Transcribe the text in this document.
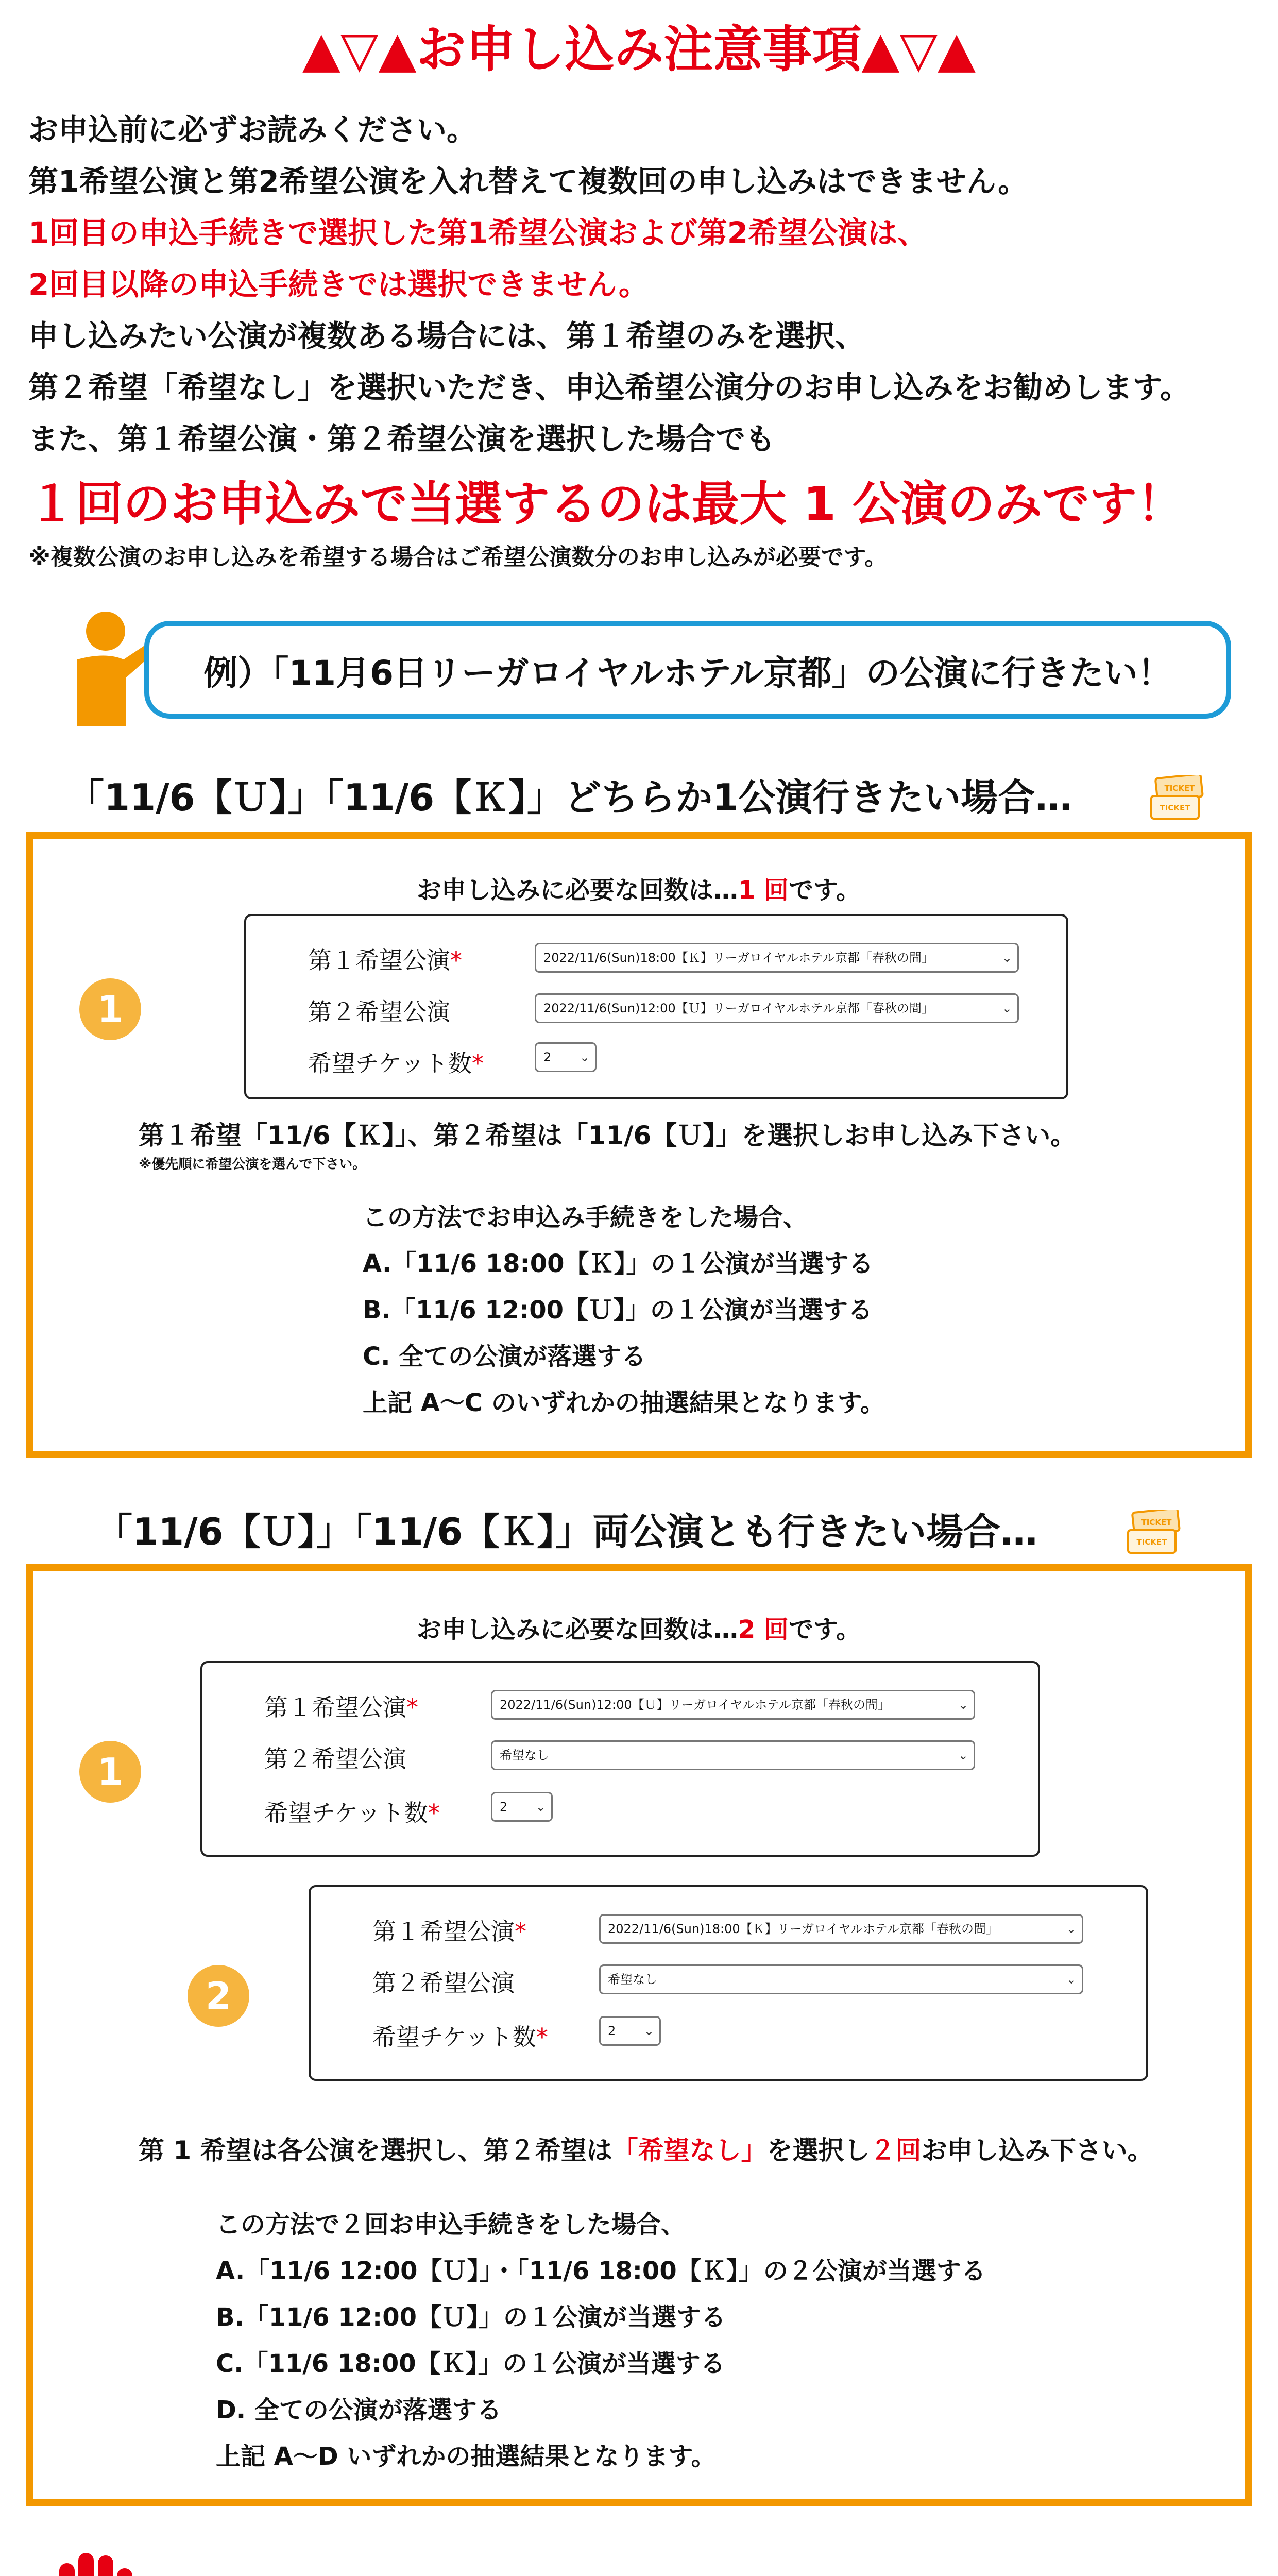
▲▽▲お申し込み注意事項▲▽▲
お申込前に必ずお読みください。
第1希望公演と第2希望公演を入れ替えて複数回の申し込みはできません。
1回目の申込手続きで選択した第1希望公演および第2希望公演は、
2回目以降の申込手続きでは選択できません。
申し込みたい公演が複数ある場合には、第１希望のみを選択、
第２希望「希望なし」を選択いただき、申込希望公演分のお申し込みをお勧めします。
また、第１希望公演・第２希望公演を選択した場合でも
１回のお申込みで当選するのは最大 1 公演のみです！
※複数公演のお申し込みを希望する場合はご希望公演数分のお申し込みが必要です。
例）「11月6日リーガロイヤルホテル京都」の公演に行きたい！
「11/6【Ｕ】」「11/6【Ｋ】」どちらか1公演行きたい場合…	TICKET
TICKET
お申し込みに必要な回数は…1 回です。
1
第１希望公演*	2022/11/6(Sun)18:00【Ｋ】リーガロイヤルホテル京都「春秋の間」	⌄
第２希望公演	2022/11/6(Sun)12:00【Ｕ】リーガロイヤルホテル京都「春秋の間」	⌄
希望チケット数*	2 ⌄
第１希望「11/6【Ｋ】」、第２希望は「11/6【Ｕ】」を選択しお申し込み下さい。
※優先順に希望公演を選んで下さい。
この方法でお申込み手続きをした場合、
A.「11/6 18:00【Ｋ】」の１公演が当選する
B.「11/6 12:00【Ｕ】」の１公演が当選する
C. 全ての公演が落選する
上記 A〜C のいずれかの抽選結果となります。
「11/6【Ｕ】」「11/6【Ｋ】」両公演とも行きたい場合…	TICKET
TICKET
お申し込みに必要な回数は…2 回です。
1
第１希望公演*	2022/11/6(Sun)12:00【Ｕ】リーガロイヤルホテル京都「春秋の間」	⌄
第２希望公演	希望なし	⌄
希望チケット数*	2 ⌄
2
第１希望公演*	2022/11/6(Sun)18:00【Ｋ】リーガロイヤルホテル京都「春秋の間」	⌄
第２希望公演	希望なし	⌄
希望チケット数*	2 ⌄
第 1 希望は各公演を選択し、第２希望は「希望なし」を選択し２回お申し込み下さい。
この方法で２回お申込手続きをした場合、
A.「11/6 12:00【Ｕ】」・「11/6 18:00【Ｋ】」の２公演が当選する
B.「11/6 12:00【Ｕ】」の１公演が当選する
C.「11/6 18:00【Ｋ】」の１公演が当選する
D. 全ての公演が落選する
上記 A〜D いずれかの抽選結果となります。
